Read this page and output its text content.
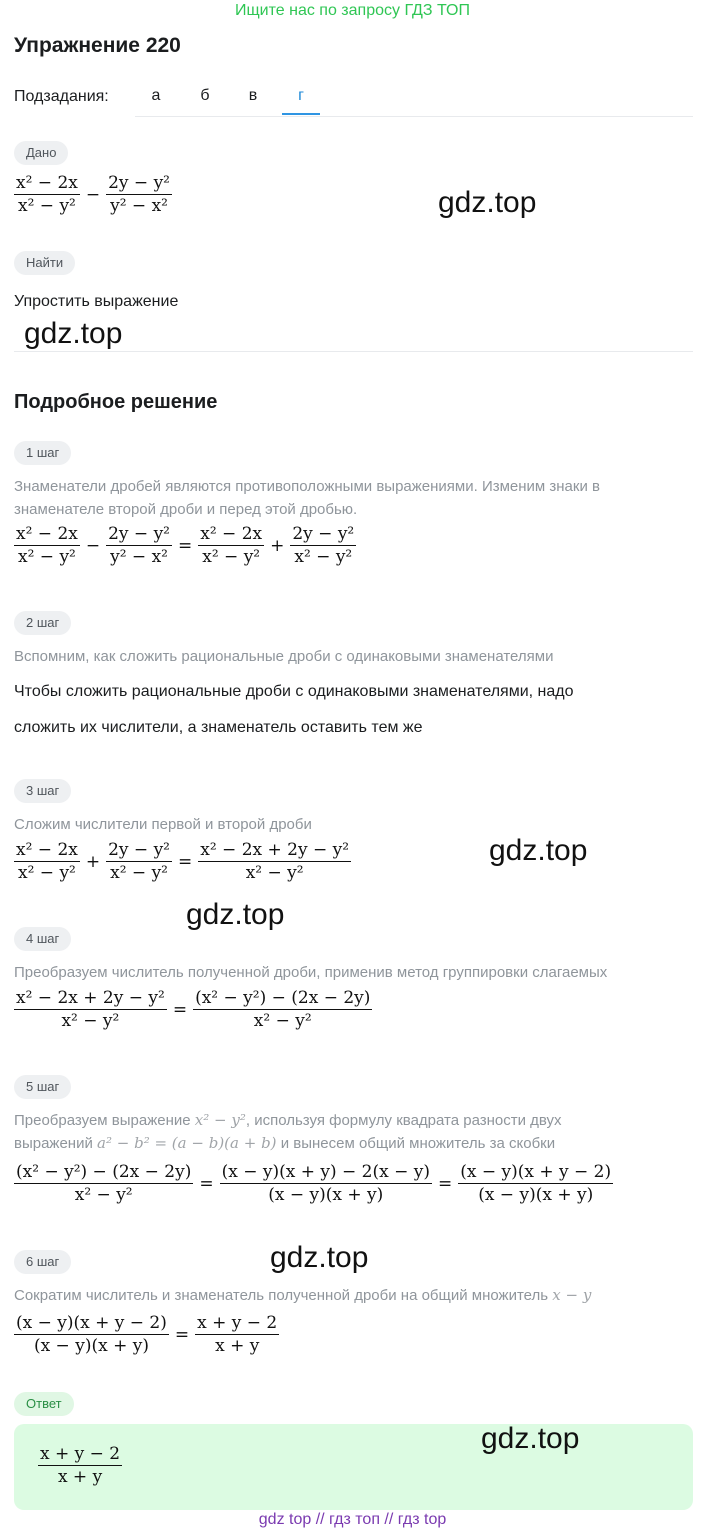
Ищите нас по запросу ГДЗ ТОП
Упражнение 220
Подзадания:	а	б	в	г
Дано
$\frac{\text{x² − 2x}}{\text{x² − y²}} - \frac{\text{2y − y²}}{\text{y² − x²}}$	gdz.top
Найти
Упростить выражение
gdz.top
Подробное решение
1 шаг
Знаменатели дробей являются противоположными выражениями. Изменим знаки в знаменателе второй дроби и перед этой дробью.
$\frac{\text{x² − 2x}}{\text{x² − y²}} - \frac{\text{2y − y²}}{\text{y² − x²}} = \frac{\text{x² − 2x}}{\text{x² − y²}} + \frac{\text{2y − y²}}{\text{x² − y²}}$
2 шаг
Вспомним, как сложить рациональные дроби с одинаковыми знаменателями
Чтобы сложить рациональные дроби с одинаковыми знаменателями, надо
сложить их числители, а знаменатель оставить тем же
3 шаг
Сложим числители первой и второй дроби
$\frac{\text{x² − 2x}}{\text{x² − y²}} + \frac{\text{2y − y²}}{\text{x² − y²}} = \frac{\text{x² − 2x + 2y − y²}}{\text{x² − y²}}$	gdz.top
gdz.top
4 шаг
Преобразуем числитель полученной дроби, применив метод группировки слагаемых
$\frac{\text{x² − 2x + 2y − y²}}{\text{x² − y²}} = \frac{\text{(x² − y²) − (2x − 2y)}}{\text{x² − y²}}$
5 шаг
Преобразуем выражение x² − y², используя формулу квадрата разности двух
выражений a² − b² = (a − b)(a + b) и вынесем общий множитель за скобки
$\frac{\text{(x² − y²) − (2x − 2y)}}{\text{x² − y²}} = \frac{(x - y)(x + y) - 2(x - y)}{(x - y)(x + y)} = \frac{(x - y)(x + y - 2)}{(x - y)(x + y)}$
6 шаг	gdz.top
Сократим числитель и знаменатель полученной дроби на общий множитель x − y
$\frac{(x - y)(x + y - 2)}{(x - y)(x + y)} = \frac{x + y - 2}{x + y}$
Ответ
$\frac{x + y - 2}{x + y}$
gdz.top
gdz top // гдз топ // гдз top
